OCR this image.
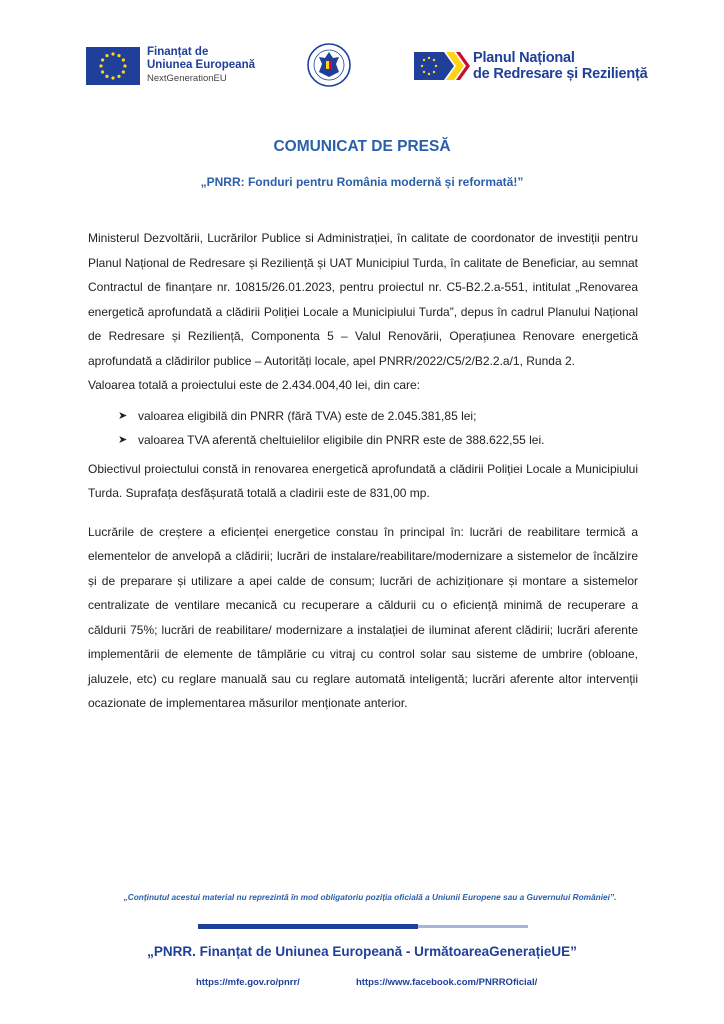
Finanțat de
Uniunea Europeană
NextGenerationEU
Planul Național
de Redresare și Reziliență
COMUNICAT DE PRESĂ
„PNRR: Fonduri pentru România modernă și reformată!”

Ministerul Dezvoltării, Lucrărilor Publice si Administrației, în calitate de coordonator de investiții pentru Planul Național de Redresare și Reziliență și UAT Municipiul Turda, în calitate de Beneficiar, au semnat Contractul de finanțare nr. 10815/26.01.2023, pentru proiectul nr. C5-B2.2.a-551, intitulat „Renovarea energetică aprofundată a clădirii Poliției Locale a Municipiului Turda”, depus în cadrul Planului Național de Redresare și Reziliență, Componenta 5 – Valul Renovării, Operațiunea Renovare energetică aprofundată a clădirilor publice – Autorități locale, apel PNRR/2022/C5/2/B2.2.a/1, Runda 2.

Valoarea totală a proiectului este de 2.434.004,40 lei, din care:

➤ valoarea eligibilă din PNRR (fără TVA) este de 2.045.381,85 lei;
➤ valoarea TVA aferentă cheltuielilor eligibile din PNRR este de 388.622,55 lei.

Obiectivul proiectului constă in renovarea energetică aprofundată a clădirii Poliției Locale a Municipiului Turda. Suprafața desfășurată totală a cladirii este de 831,00 mp.

Lucrările de creștere a eficienței energetice constau în principal în: lucrări de reabilitare termică a elementelor de anvelopă a clădirii; lucrări de instalare/reabilitare/modernizare a sistemelor de încălzire și de preparare și utilizare a apei calde de consum; lucrări de achiziționare și montare a sistemelor centralizate de ventilare mecanică cu recuperare a căldurii cu o eficiență minimă de recuperare a căldurii 75%; lucrări de reabilitare/ modernizare a instalației de iluminat aferent clădirii; lucrări aferente implementării de elemente de tâmplărie cu vitraj cu control solar sau sisteme de umbrire (obloane, jaluzele, etc) cu reglare manuală sau cu reglare automată inteligentă; lucrări aferente altor intervenții ocazionate de implementarea măsurilor menționate anterior.

„Conținutul acestui material nu reprezintă în mod obligatoriu poziția oficială a Uniunii Europene sau a Guvernului României”.
„PNRR. Finanțat de Uniunea Europeană - UrmătoareaGenerațieUE”
https://mfe.gov.ro/pnrr/	https://www.facebook.com/PNRROficial/
